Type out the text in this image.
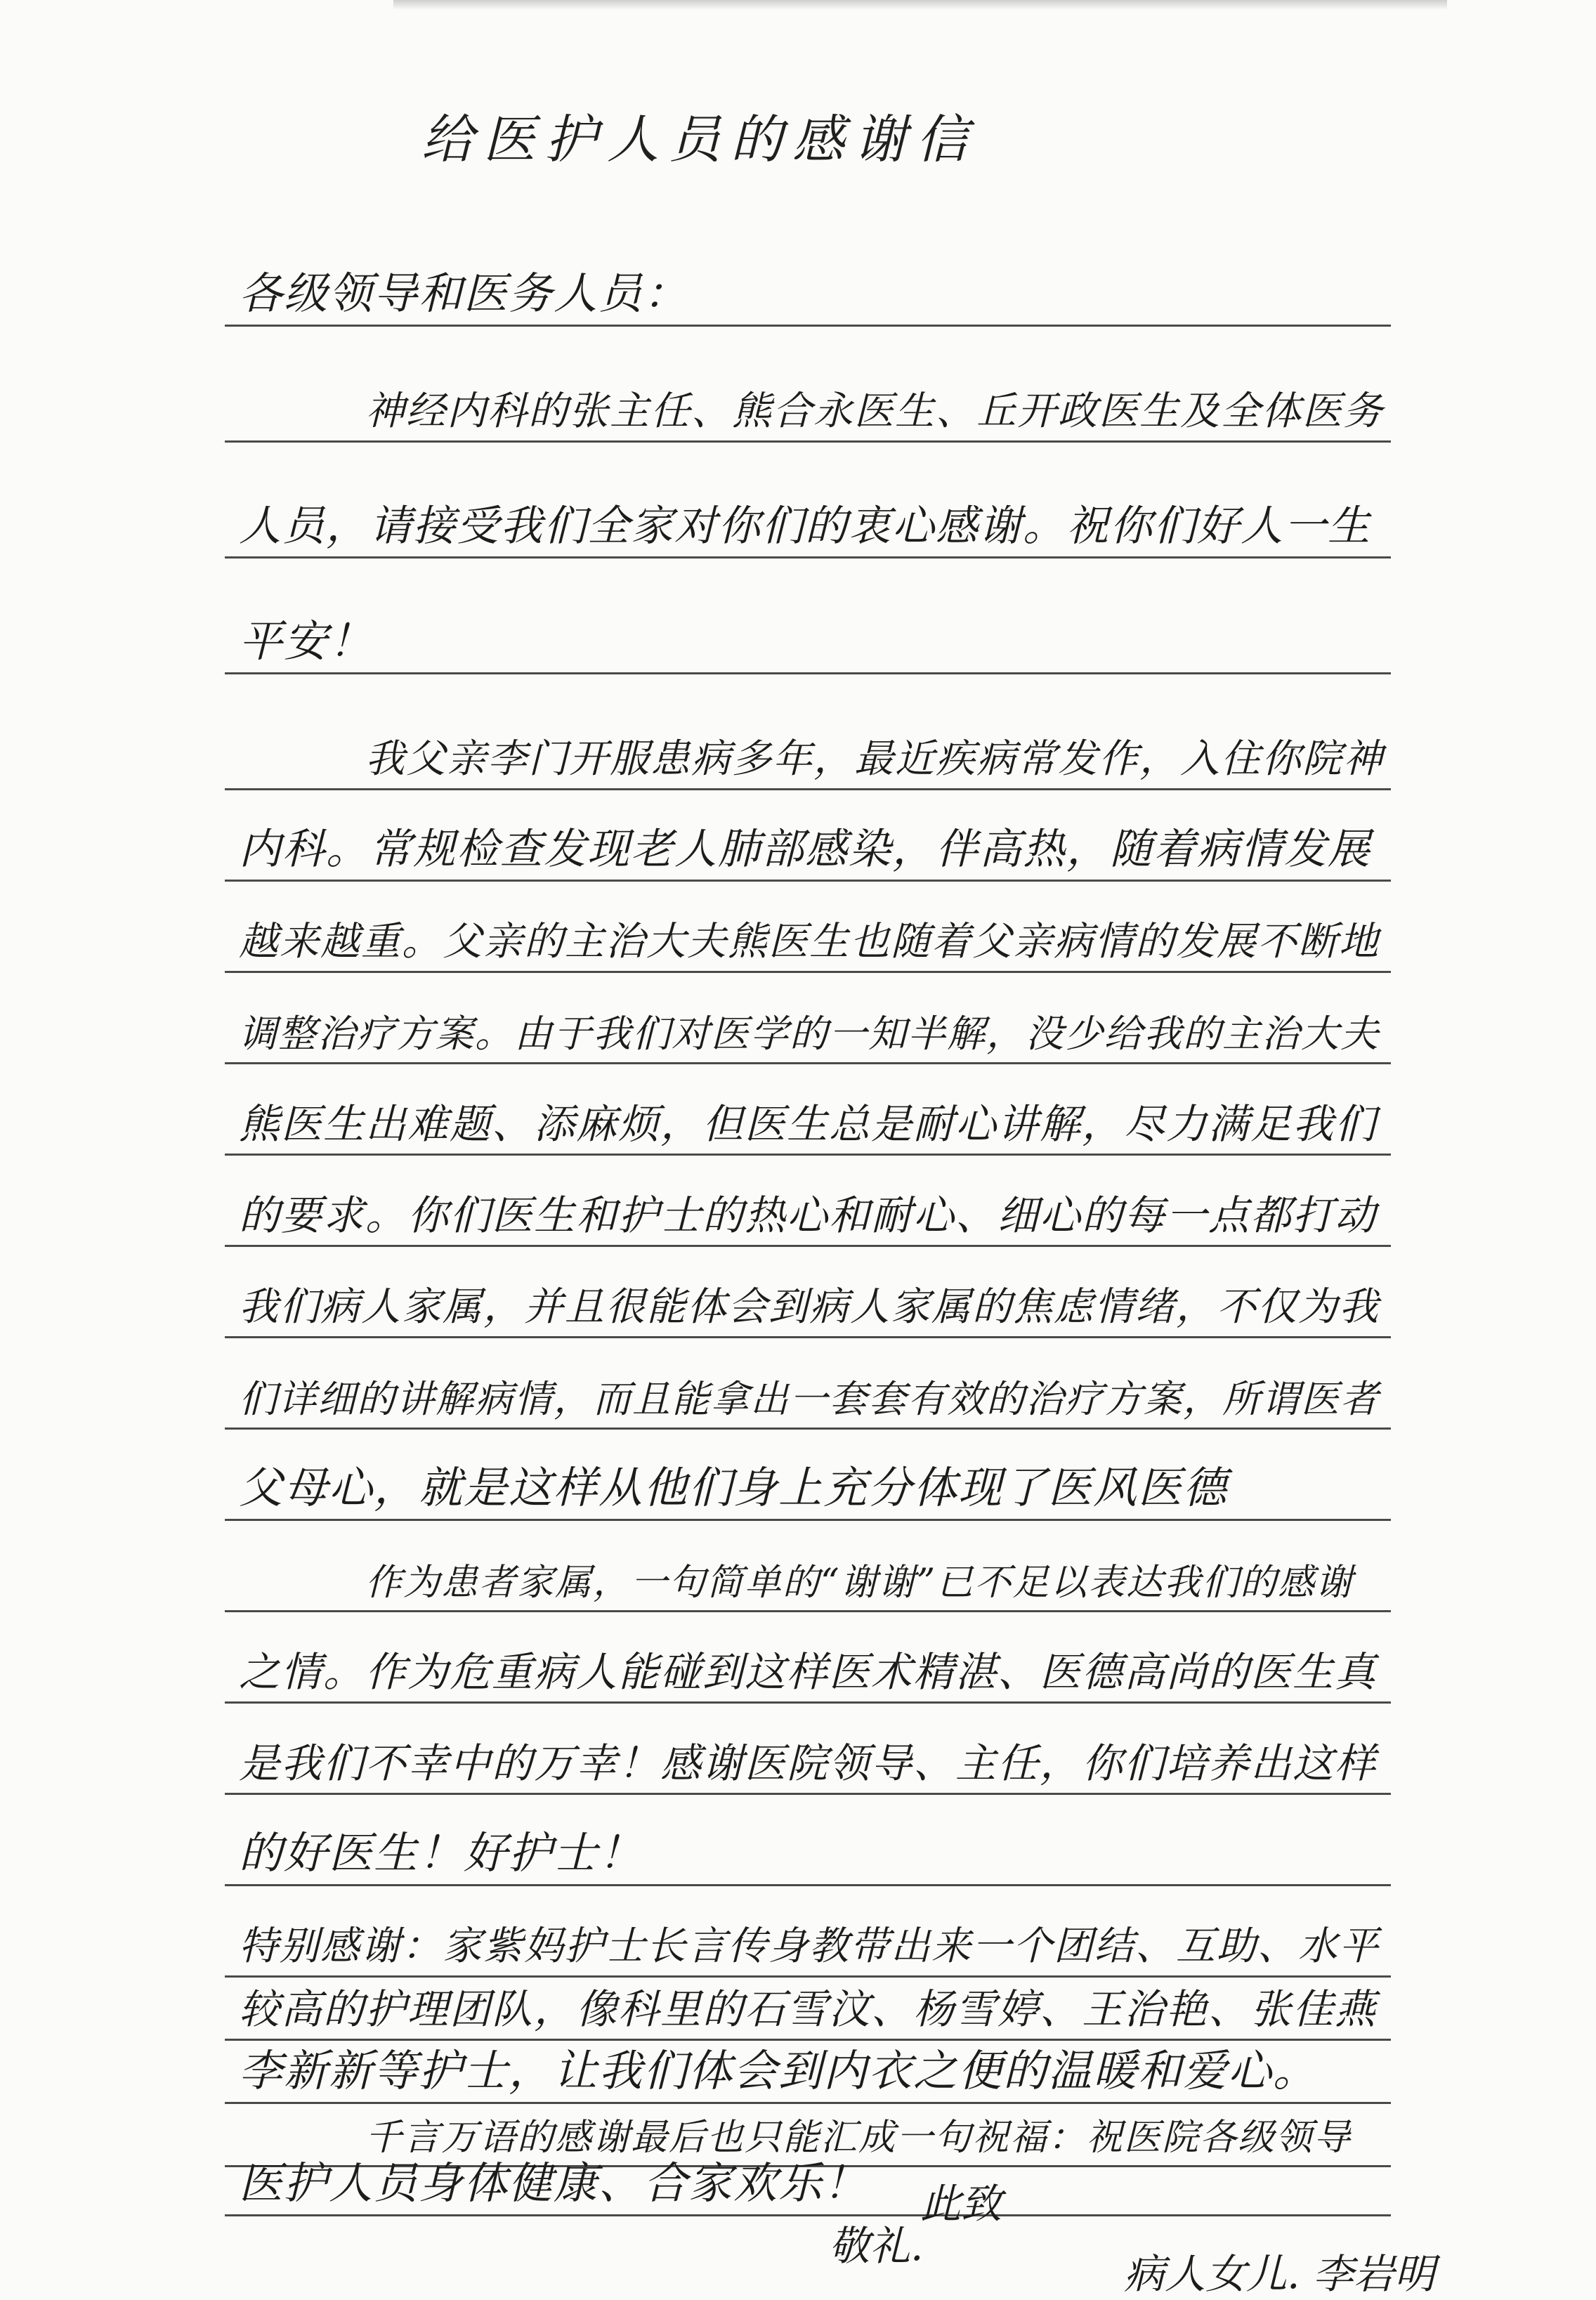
给医护人员的感谢信
各级领导和医务人员：
神经内科的张主任、熊合永医生、丘开政医生及全体医务
人员，请接受我们全家对你们的衷心感谢。祝你们好人一生
平安！
我父亲李门开服患病多年，最近疾病常发作，入住你院神
内科。常规检查发现老人肺部感染，伴高热，随着病情发展
越来越重。父亲的主治大夫熊医生也随着父亲病情的发展不断地
调整治疗方案。由于我们对医学的一知半解，没少给我的主治大夫
熊医生出难题、添麻烦，但医生总是耐心讲解，尽力满足我们
的要求。你们医生和护士的热心和耐心、细心的每一点都打动
我们病人家属，并且很能体会到病人家属的焦虑情绪，不仅为我
们详细的讲解病情，而且能拿出一套套有效的治疗方案，所谓医者
父母心，就是这样从他们身上充分体现了医风医德
作为患者家属，一句简单的“谢谢”已不足以表达我们的感谢
之情。作为危重病人能碰到这样医术精湛、医德高尚的医生真
是我们不幸中的万幸！感谢医院领导、主任，你们培养出这样
的好医生！好护士！
特别感谢：家紫妈护士长言传身教带出来一个团结、互助、水平
较高的护理团队，像科里的石雪汶、杨雪婷、王治艳、张佳燕
李新新等护士，让我们体会到内衣之便的温暖和爱心。
千言万语的感谢最后也只能汇成一句祝福：祝医院各级领导
医护人员身体健康、合家欢乐！ 此致
敬礼.
病人女儿. 李岩明
